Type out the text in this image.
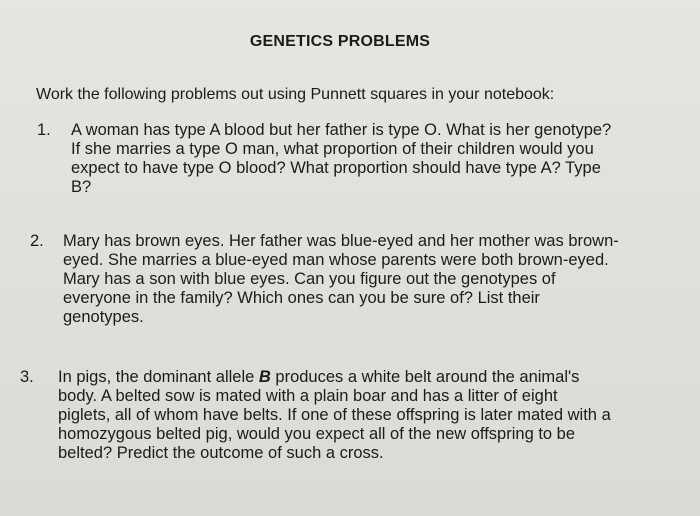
GENETICS PROBLEMS
Work the following problems out using Punnett squares in your notebook:
1. A woman has type A blood but her father is type O. What is her genotype?
If she marries a type O man, what proportion of their children would you
expect to have type O blood? What proportion should have type A? Type
B?
2. Mary has brown eyes. Her father was blue-eyed and her mother was brown-
eyed. She marries a blue-eyed man whose parents were both brown-eyed.
Mary has a son with blue eyes. Can you figure out the genotypes of
everyone in the family? Which ones can you be sure of? List their
genotypes.
3. In pigs, the dominant allele B produces a white belt around the animal's
body. A belted sow is mated with a plain boar and has a litter of eight
piglets, all of whom have belts. If one of these offspring is later mated with a
homozygous belted pig, would you expect all of the new offspring to be
belted? Predict the outcome of such a cross.
